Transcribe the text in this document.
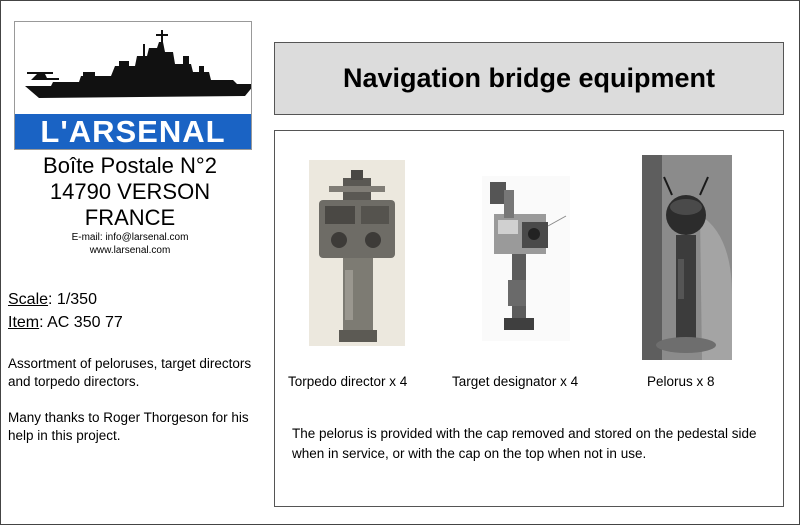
L'ARSENAL
Boîte Postale N°2
14790 VERSON
FRANCE
E-mail: info@larsenal.com
www.larsenal.com
Scale: 1/350
Item: AC 350 77
Assortment of peloruses, target directors and torpedo directors.
Many thanks to Roger Thorgeson for his help in this project.
Navigation bridge equipment
Torpedo director x 4	Target designator x 4	Pelorus x 8
The pelorus is provided with the cap removed and stored on the pedestal side when in service, or with the cap on the top when not in use.
